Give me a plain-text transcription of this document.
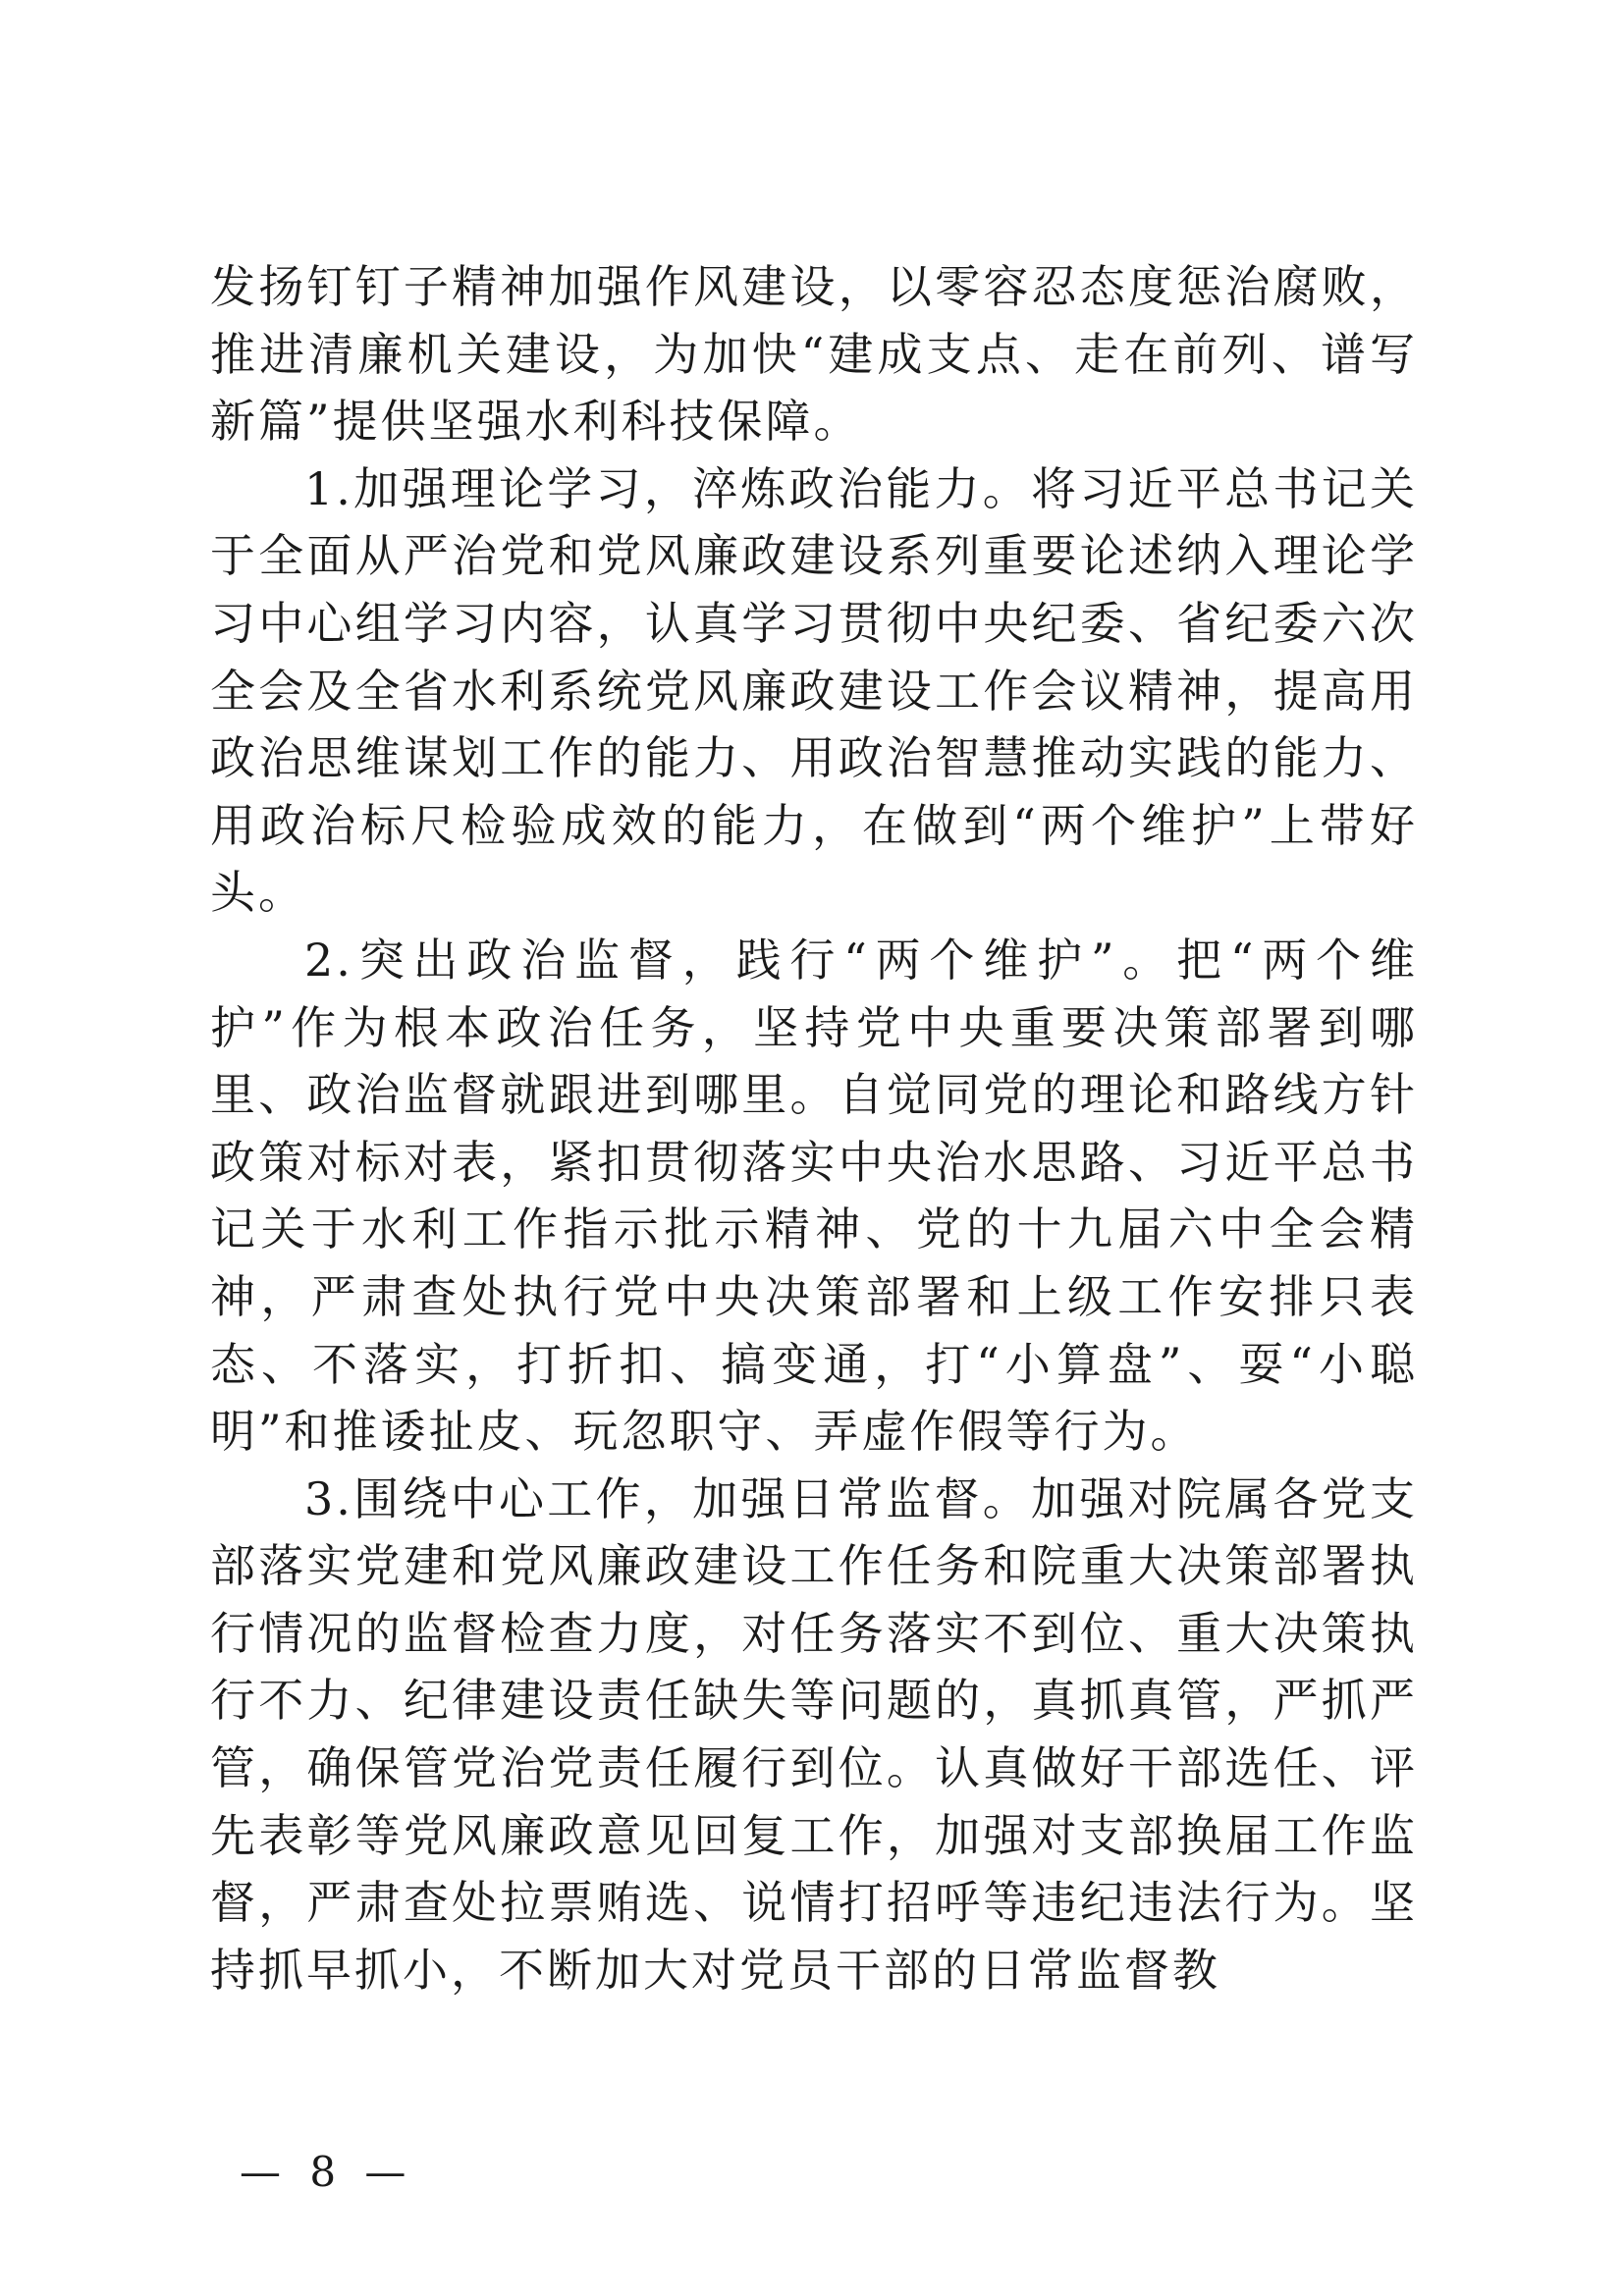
发扬钉钉子精神加强作风建设，以零容忍态度惩治腐败，推进清廉机关建设，为加快“建成支点、走在前列、谱写新篇”提供坚强水利科技保障。

1.加强理论学习，淬炼政治能力。将习近平总书记关于全面从严治党和党风廉政建设系列重要论述纳入理论学习中心组学习内容，认真学习贯彻中央纪委、省纪委六次全会及全省水利系统党风廉政建设工作会议精神，提高用政治思维谋划工作的能力、用政治智慧推动实践的能力、用政治标尺检验成效的能力，在做到“两个维护”上带好头。

2.突出政治监督，践行“两个维护”。把“两个维护”作为根本政治任务，坚持党中央重要决策部署到哪里、政治监督就跟进到哪里。自觉同党的理论和路线方针政策对标对表，紧扣贯彻落实中央治水思路、习近平总书记关于水利工作指示批示精神、党的十九届六中全会精神，严肃查处执行党中央决策部署和上级工作安排只表态、不落实，打折扣、搞变通，打“小算盘”、耍“小聪明”和推诿扯皮、玩忽职守、弄虚作假等行为。

3.围绕中心工作，加强日常监督。加强对院属各党支部落实党建和党风廉政建设工作任务和院重大决策部署执行情况的监督检查力度，对任务落实不到位、重大决策执行不力、纪律建设责任缺失等问题的，真抓真管，严抓严管，确保管党治党责任履行到位。认真做好干部选任、评先表彰等党风廉政意见回复工作，加强对支部换届工作监督，严肃查处拉票贿选、说情打招呼等违纪违法行为。坚持抓早抓小，不断加大对党员干部的日常监督教

— 8 —
